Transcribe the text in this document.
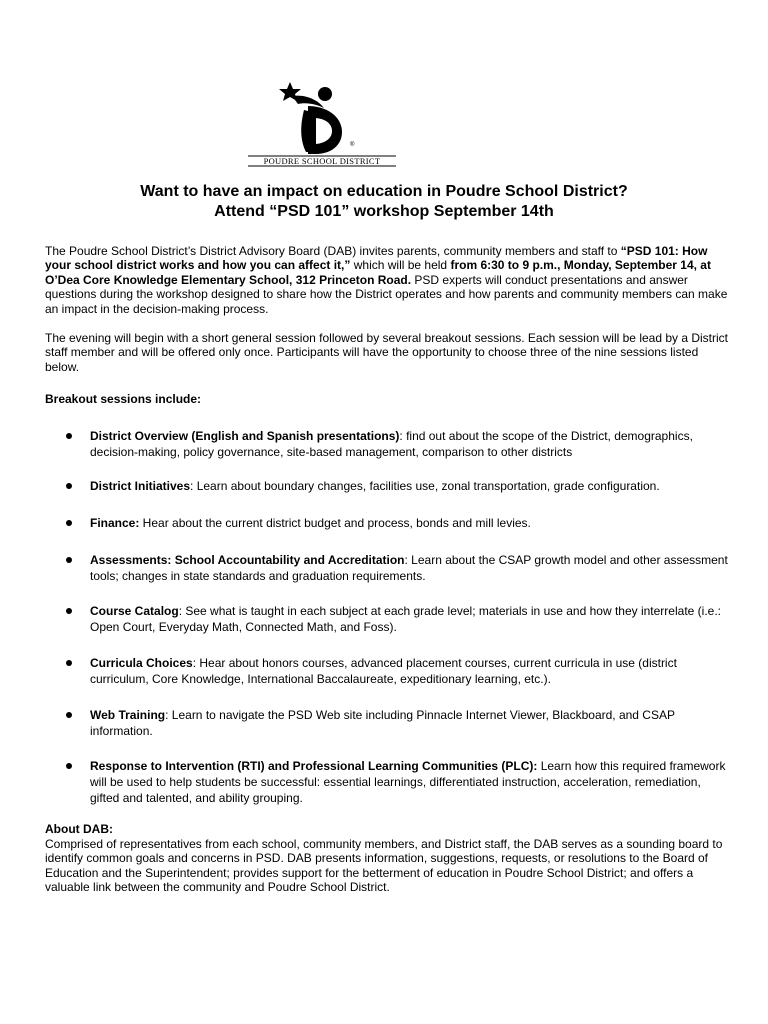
®
POUDRE SCHOOL DISTRICT
Want to have an impact on education in Poudre School District?
Attend “PSD 101” workshop September 14th
The Poudre School District’s District Advisory Board (DAB) invites parents, community members and staff to “PSD 101: How your school district works and how you can affect it,” which will be held from 6:30 to 9 p.m., Monday, September 14, at O’Dea Core Knowledge Elementary School, 312 Princeton Road. PSD experts will conduct presentations and answer questions during the workshop designed to share how the District operates and how parents and community members can make an impact in the decision-making process.
The evening will begin with a short general session followed by several breakout sessions. Each session will be lead by a District staff member and will be offered only once. Participants will have the opportunity to choose three of the nine sessions listed below.
Breakout sessions include:
District Overview (English and Spanish presentations): find out about the scope of the District, demographics, decision-making, policy governance, site-based management, comparison to other districts
District Initiatives: Learn about boundary changes, facilities use, zonal transportation, grade configuration.
Finance: Hear about the current district budget and process, bonds and mill levies.
Assessments: School Accountability and Accreditation: Learn about the CSAP growth model and other assessment tools; changes in state standards and graduation requirements.
Course Catalog: See what is taught in each subject at each grade level; materials in use and how they interrelate (i.e.: Open Court, Everyday Math, Connected Math, and Foss).
Curricula Choices: Hear about honors courses, advanced placement courses, current curricula in use (district curriculum, Core Knowledge, International Baccalaureate, expeditionary learning, etc.).
Web Training: Learn to navigate the PSD Web site including Pinnacle Internet Viewer, Blackboard, and CSAP information.
Response to Intervention (RTI) and Professional Learning Communities (PLC): Learn how this required framework will be used to help students be successful: essential learnings, differentiated instruction, acceleration, remediation, gifted and talented, and ability grouping.
About DAB:
Comprised of representatives from each school, community members, and District staff, the DAB serves as a sounding board to identify common goals and concerns in PSD. DAB presents information, suggestions, requests, or resolutions to the Board of Education and the Superintendent; provides support for the betterment of education in Poudre School District; and offers a valuable link between the community and Poudre School District.
